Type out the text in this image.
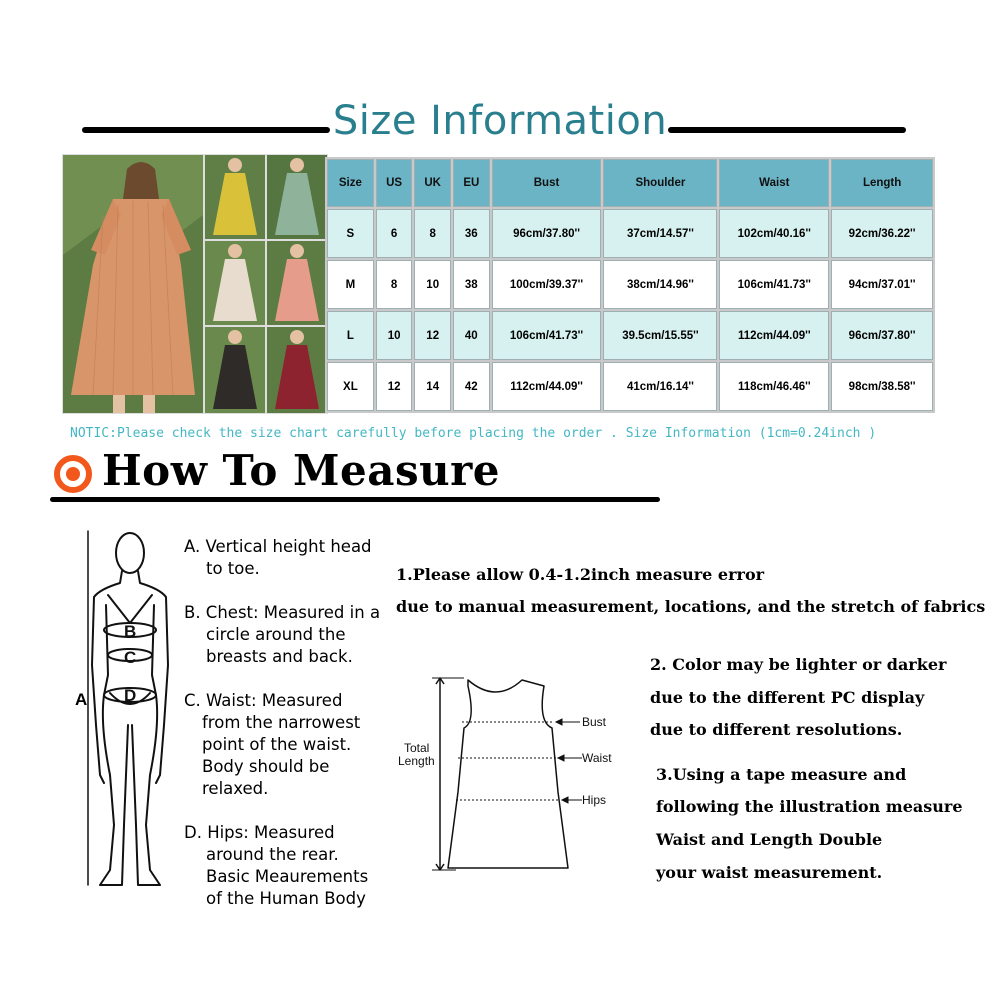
Size Information
Size	US	UK	EU	Bust	Shoulder	Waist	Length
S	6	8	36	96cm/37.80''	37cm/14.57''	102cm/40.16''	92cm/36.22''
M	8	10	38	100cm/39.37''	38cm/14.96''	106cm/41.73''	94cm/37.01''
L	10	12	40	106cm/41.73''	39.5cm/15.55''	112cm/44.09''	96cm/37.80''
XL	12	14	42	112cm/44.09''	41cm/16.14''	118cm/46.46''	98cm/38.58''
NOTIC:Please check the size chart carefully before placing the order . Size Information (1cm=0.24inch )
How To Measure
B
C
D
A
A. Vertical height head
to toe.
B. Chest: Measured in a
circle around the
breasts and back.
C. Waist: Measured
from the narrowest
point of the waist.
Body should be
relaxed.
D. Hips: Measured
around the rear.
Basic Meaurements
of the Human Body
1.Please allow 0.4-1.2inch measure error
due to manual measurement, locations, and the stretch of fabrics
2. Color may be lighter or darker
due to the different PC display
due to different resolutions.
3.Using a tape measure and
following the illustration measure
Waist and Length Double
your waist measurement.
Total
Length
Bust
Waist
Hips
